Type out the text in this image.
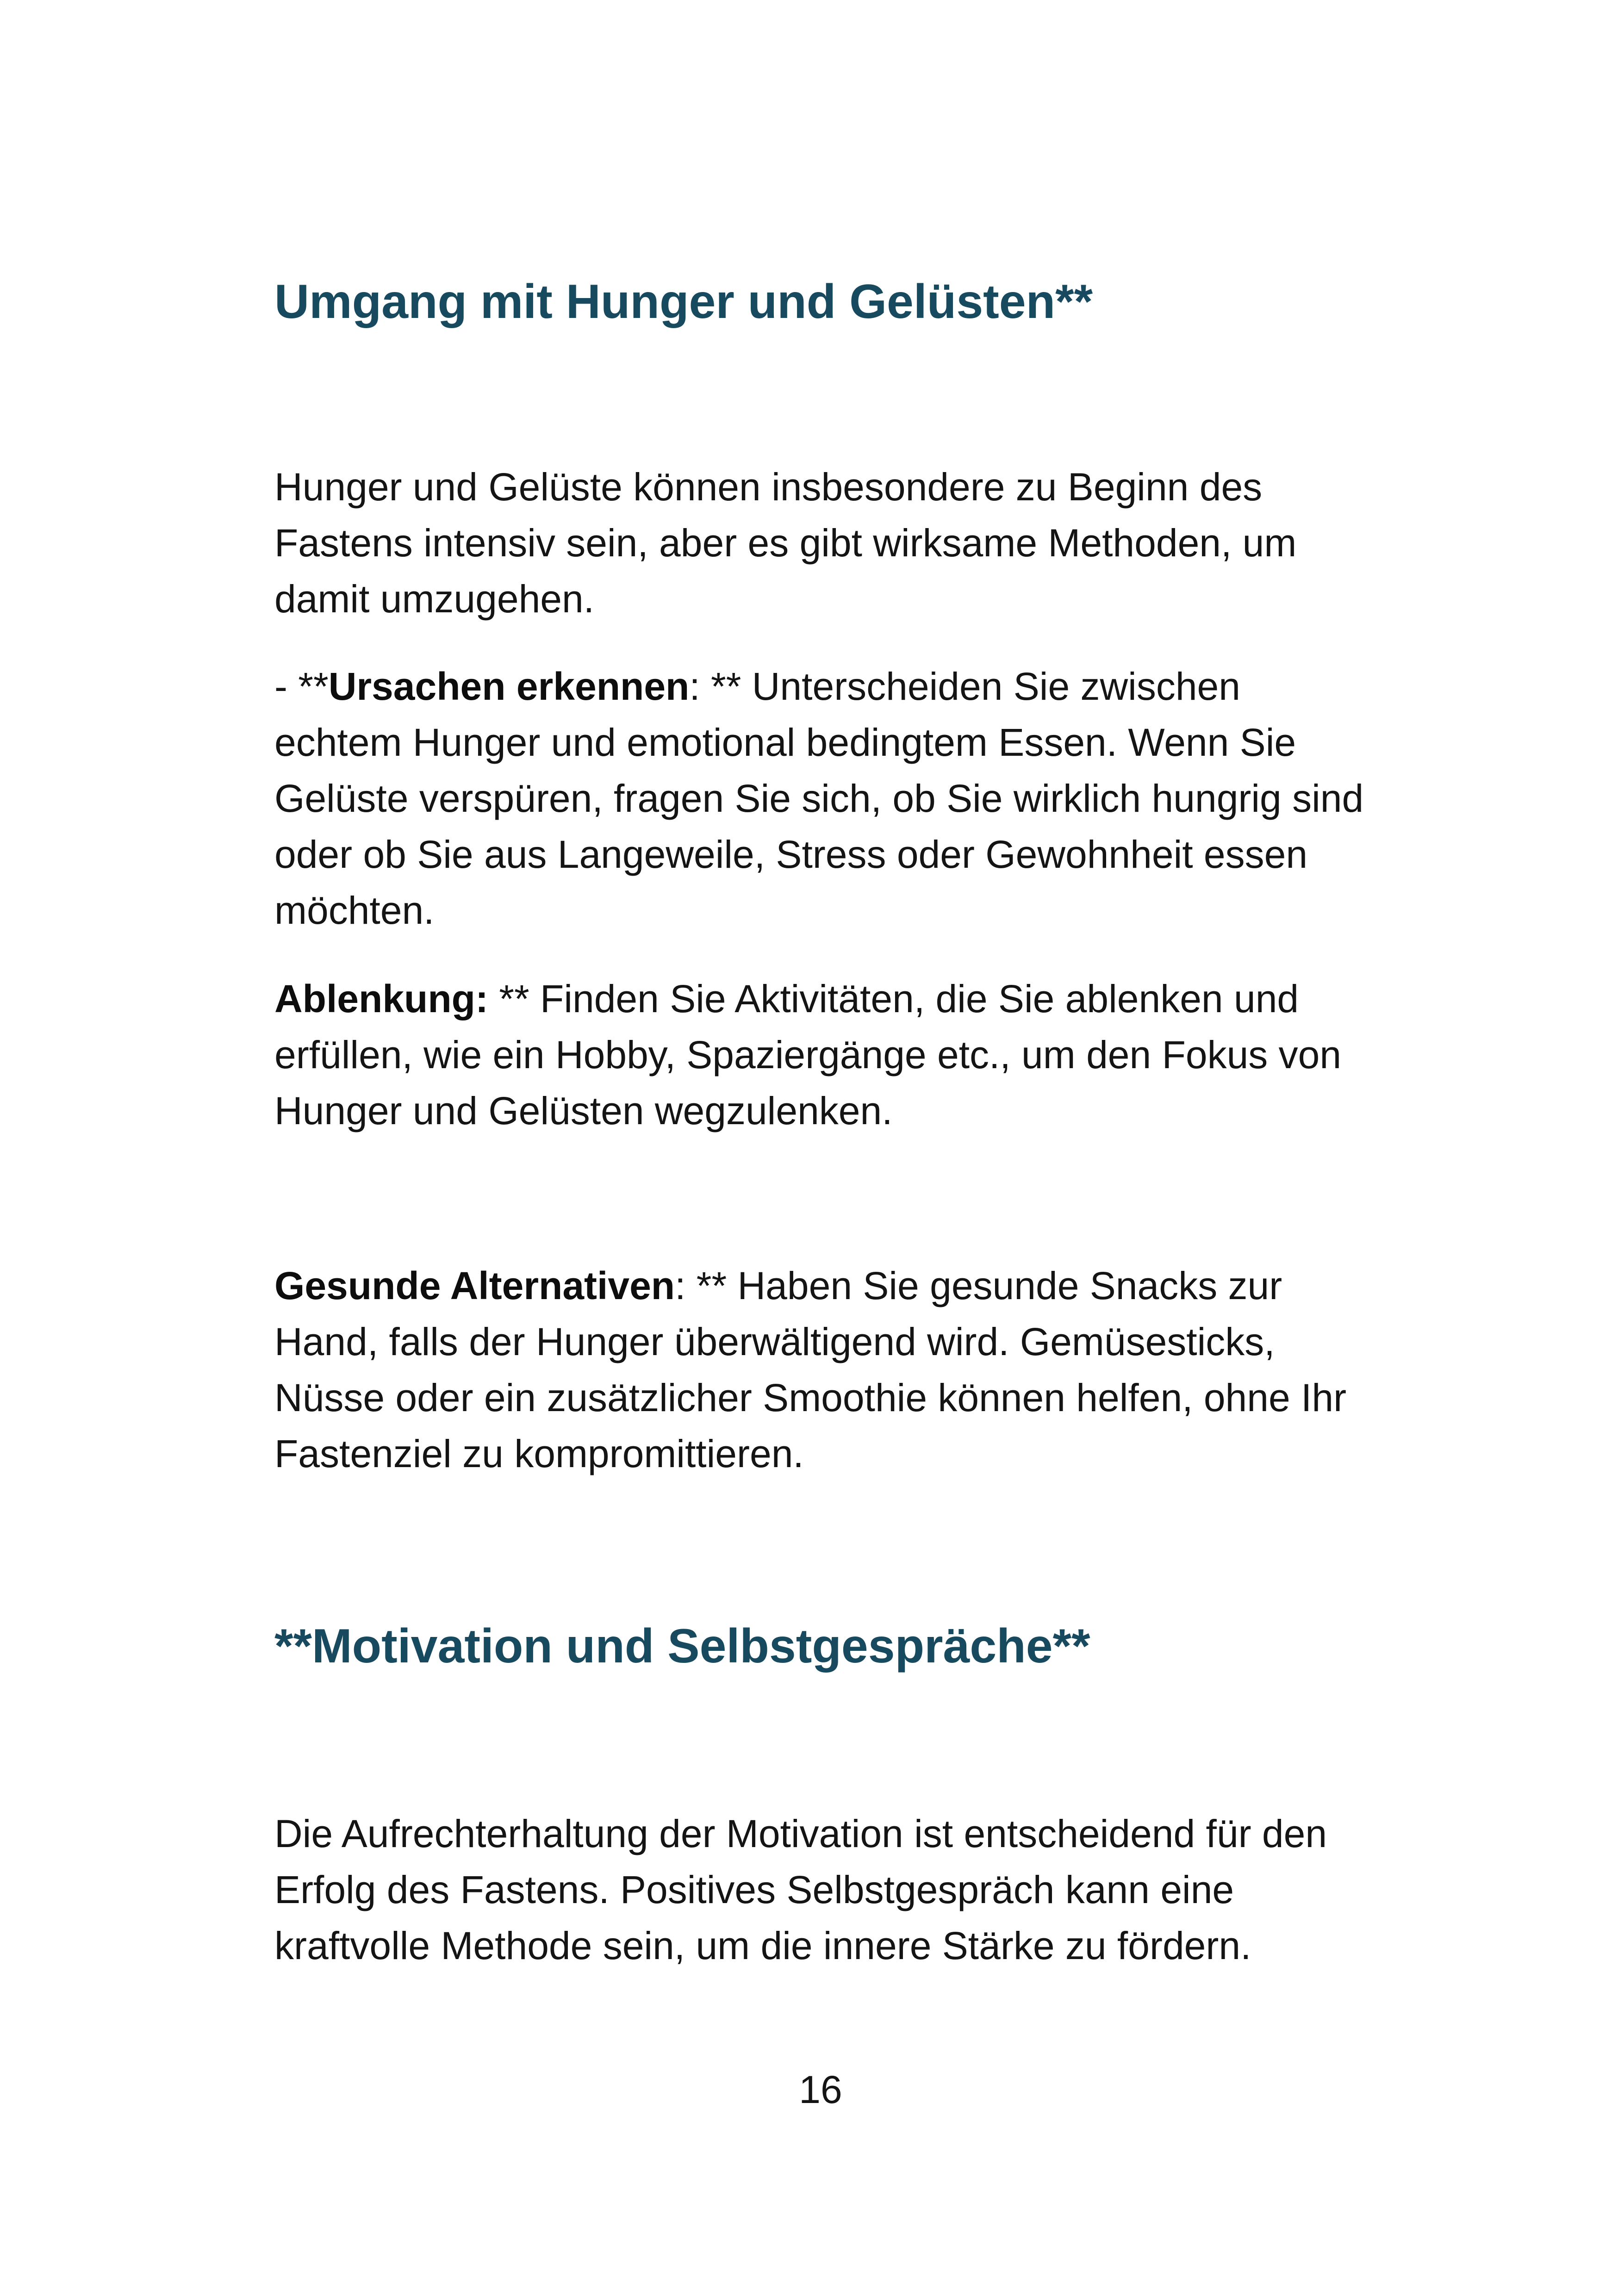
Umgang mit Hunger und Gelüsten**

Hunger und Gelüste können insbesondere zu Beginn des Fastens intensiv sein, aber es gibt wirksame Methoden, um damit umzugehen.

- **Ursachen erkennen: ** Unterscheiden Sie zwischen echtem Hunger und emotional bedingtem Essen. Wenn Sie Gelüste verspüren, fragen Sie sich, ob Sie wirklich hungrig sind oder ob Sie aus Langeweile, Stress oder Gewohnheit essen möchten.

Ablenkung: ** Finden Sie Aktivitäten, die Sie ablenken und erfüllen, wie ein Hobby, Spaziergänge etc., um den Fokus von Hunger und Gelüsten wegzulenken.

Gesunde Alternativen: ** Haben Sie gesunde Snacks zur Hand, falls der Hunger überwältigend wird. Gemüsesticks, Nüsse oder ein zusätzlicher Smoothie können helfen, ohne Ihr Fastenziel zu kompromittieren.

**Motivation und Selbstgespräche**

Die Aufrechterhaltung der Motivation ist entscheidend für den Erfolg des Fastens. Positives Selbstgespräch kann eine kraftvolle Methode sein, um die innere Stärke zu fördern.

16
